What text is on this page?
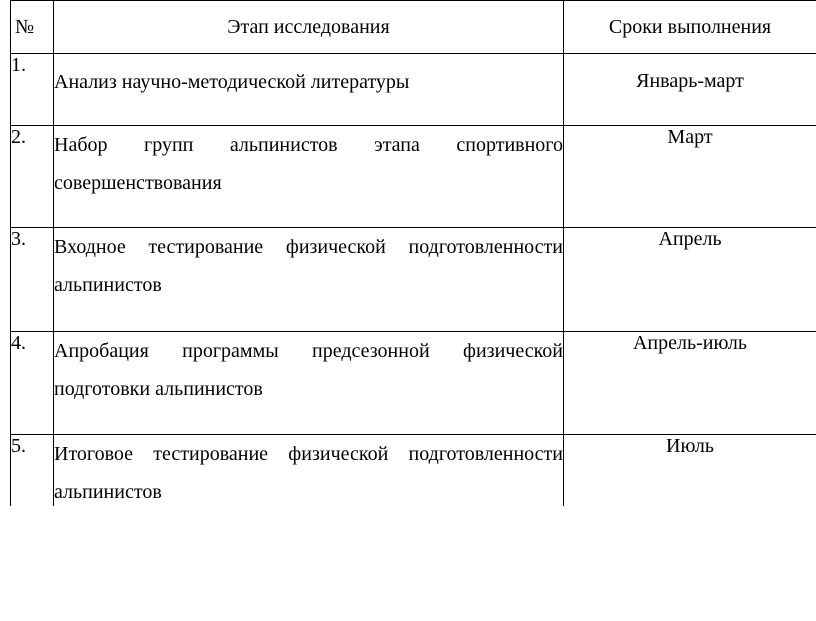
№	Этап исследования	Сроки выполнения
1.	Анализ научно-методической литературы	Январь-март
2.	Набор групп альпинистов этапа спортивного совершенствования	Март
3.	Входное тестирование физической подготовленности альпинистов	Апрель
4.	Апробация программы предсезонной физической подготовки альпинистов	Апрель-июль
5.	Итоговое тестирование физической подготовленности альпинистов	Июль
